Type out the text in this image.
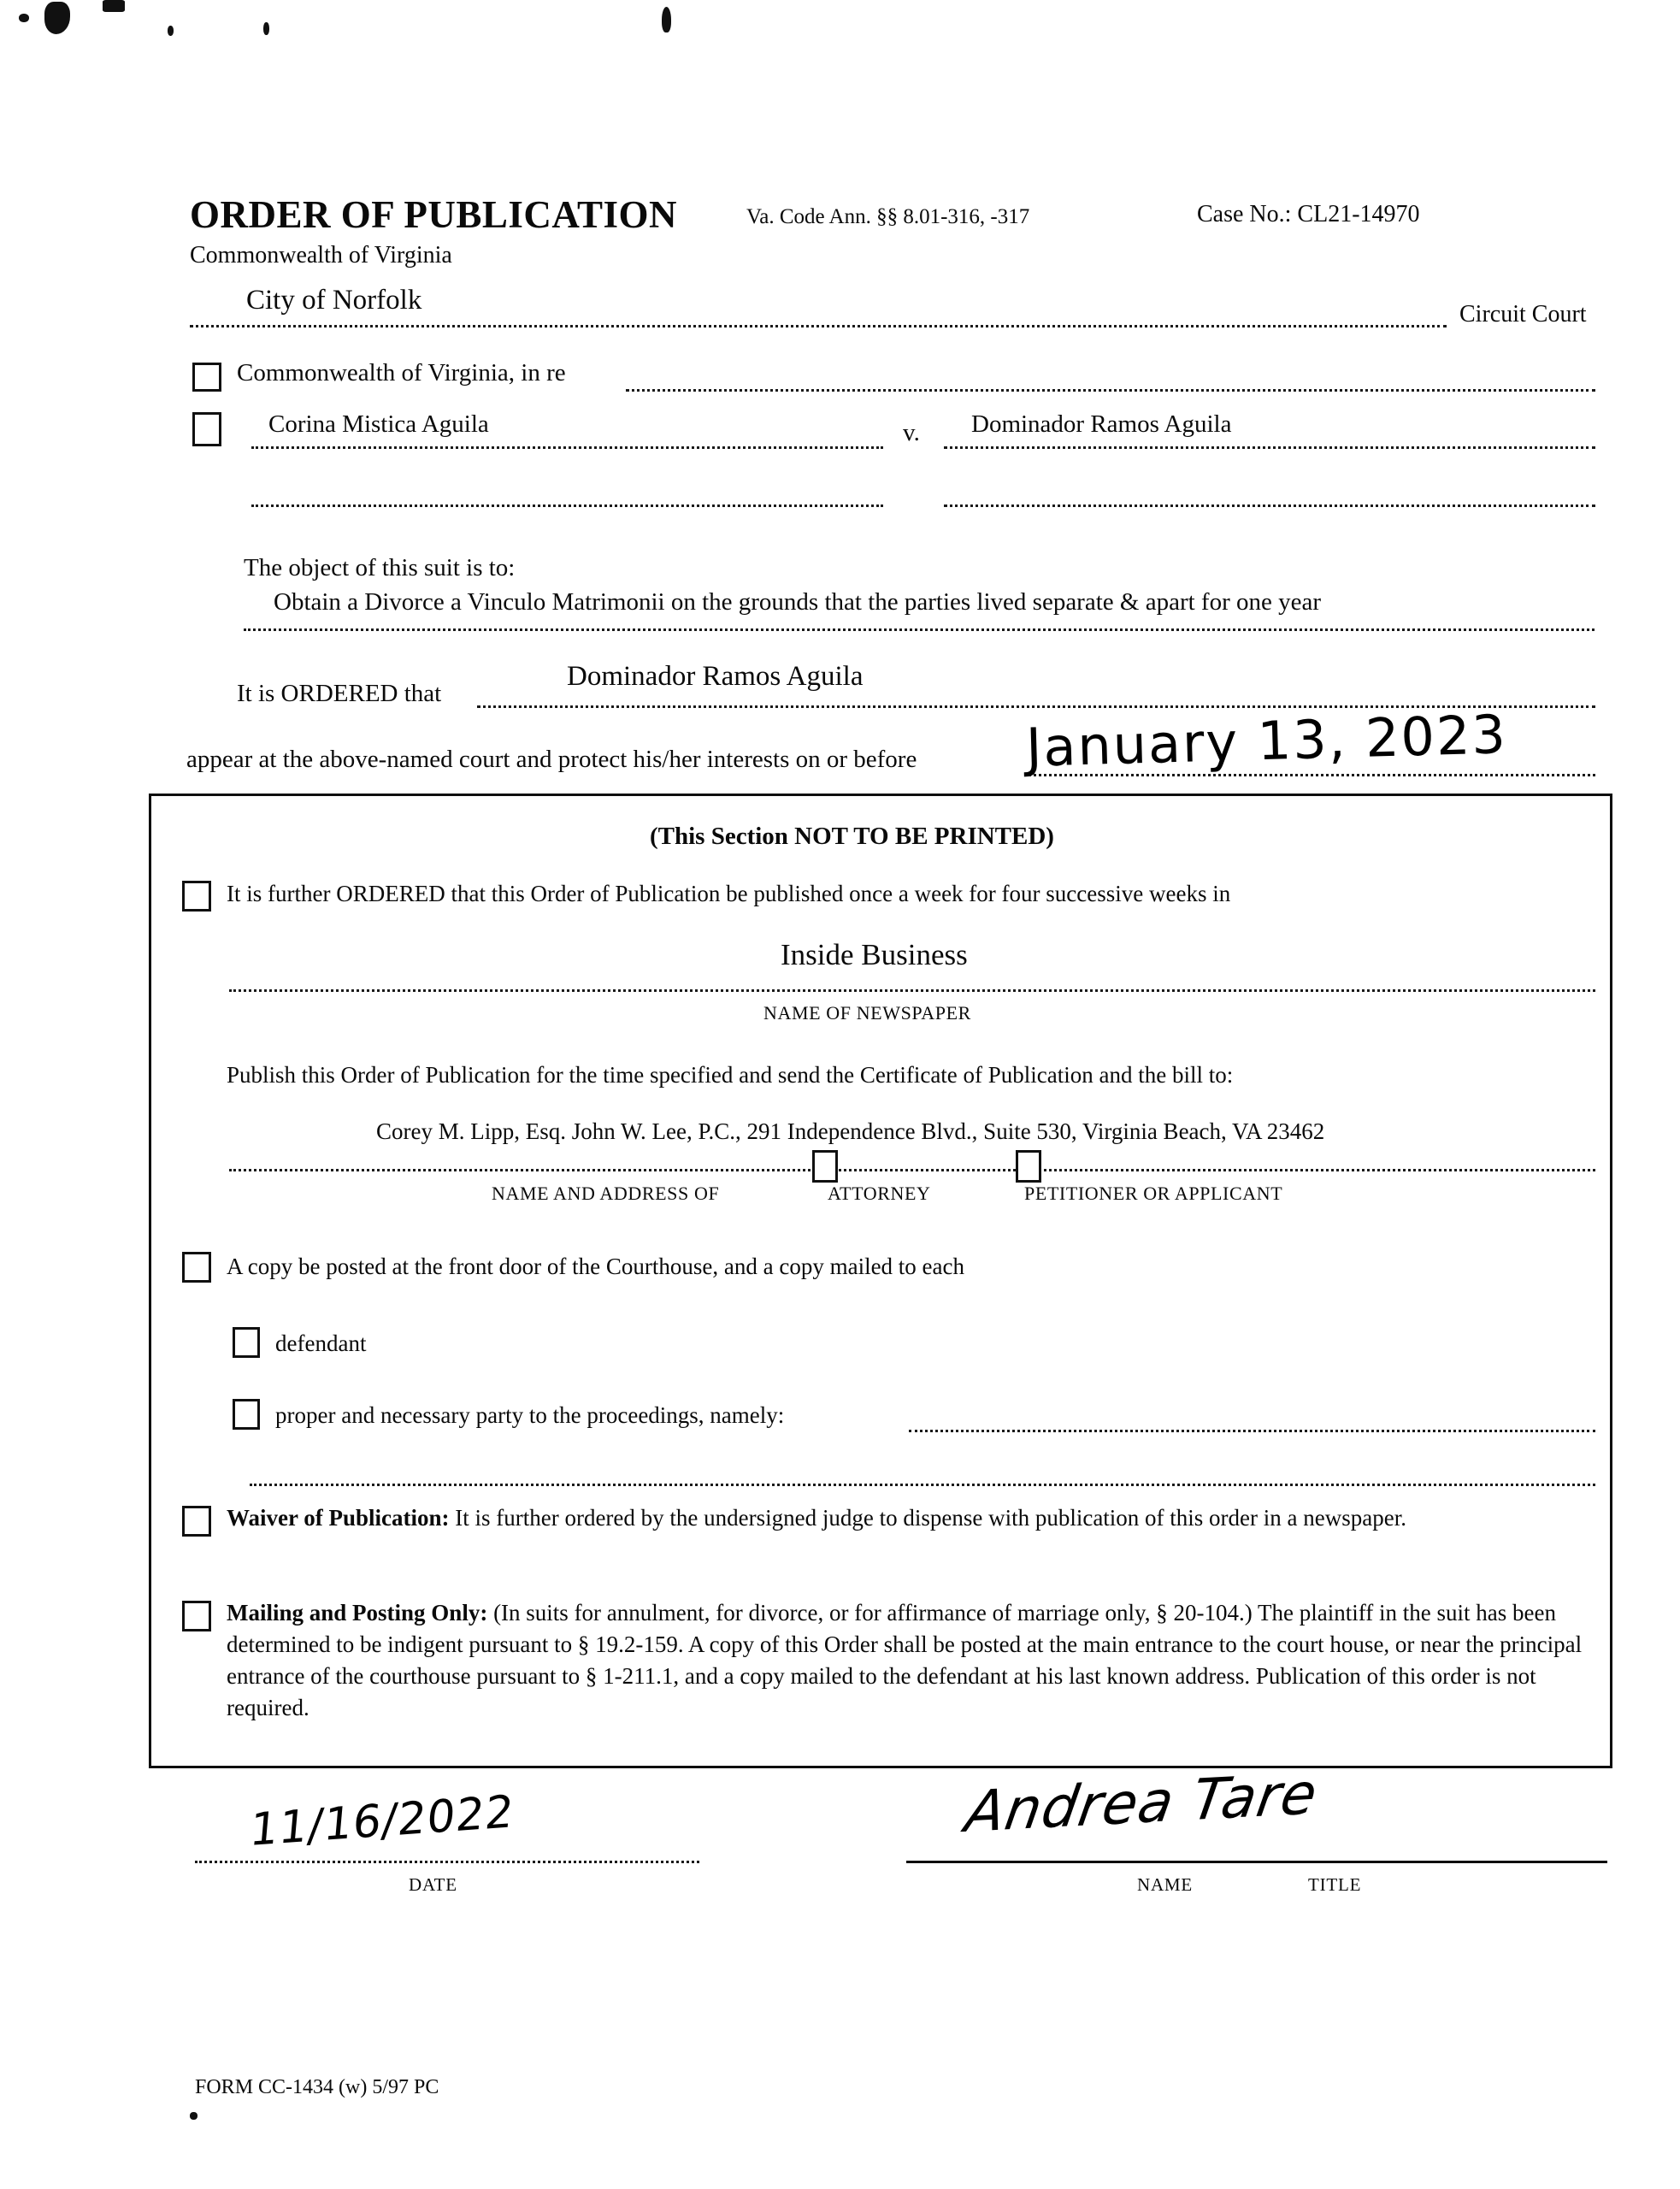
ORDER OF PUBLICATION	Va. Code Ann. §§ 8.01-316, -317	Case No.: CL21-14970
Commonwealth of Virginia
City of Norfolk	Circuit Court
Commonwealth of Virginia, in re
Corina Mistica Aguila	v. Dominador Ramos Aguila
The object of this suit is to:
Obtain a Divorce a Vinculo Matrimonii on the grounds that the parties lived separate & apart for one year
It is ORDERED that
Dominador Ramos Aguila
appear at the above-named court and protect his/her interests on or before January 13, 2023
(This Section NOT TO BE PRINTED)
It is further ORDERED that this Order of Publication be published once a week for four successive weeks in
Inside Business
NAME OF NEWSPAPER
Publish this Order of Publication for the time specified and send the Certificate of Publication and the bill to:
Corey M. Lipp, Esq. John W. Lee, P.C., 291 Independence Blvd., Suite 530, Virginia Beach, VA 23462
NAME AND ADDRESS OF	ATTORNEY	PETITIONER OR APPLICANT
A copy be posted at the front door of the Courthouse, and a copy mailed to each
defendant
proper and necessary party to the proceedings, namely:
Waiver of Publication: It is further ordered by the undersigned judge to dispense with publication of this order in a newspaper.
Mailing and Posting Only: (In suits for annulment, for divorce, or for affirmance of marriage only, § 20-104.) The plaintiff in the suit has been determined to be indigent pursuant to § 19.2-159. A copy of this Order shall be posted at the main entrance to the court house, or near the principal entrance of the courthouse pursuant to § 1-211.1, and a copy mailed to the defendant at his last known address. Publication of this order is not required.
11/16/2022
DATE
Andrea Tare
NAME	TITLE
FORM CC-1434 (w) 5/97 PC
